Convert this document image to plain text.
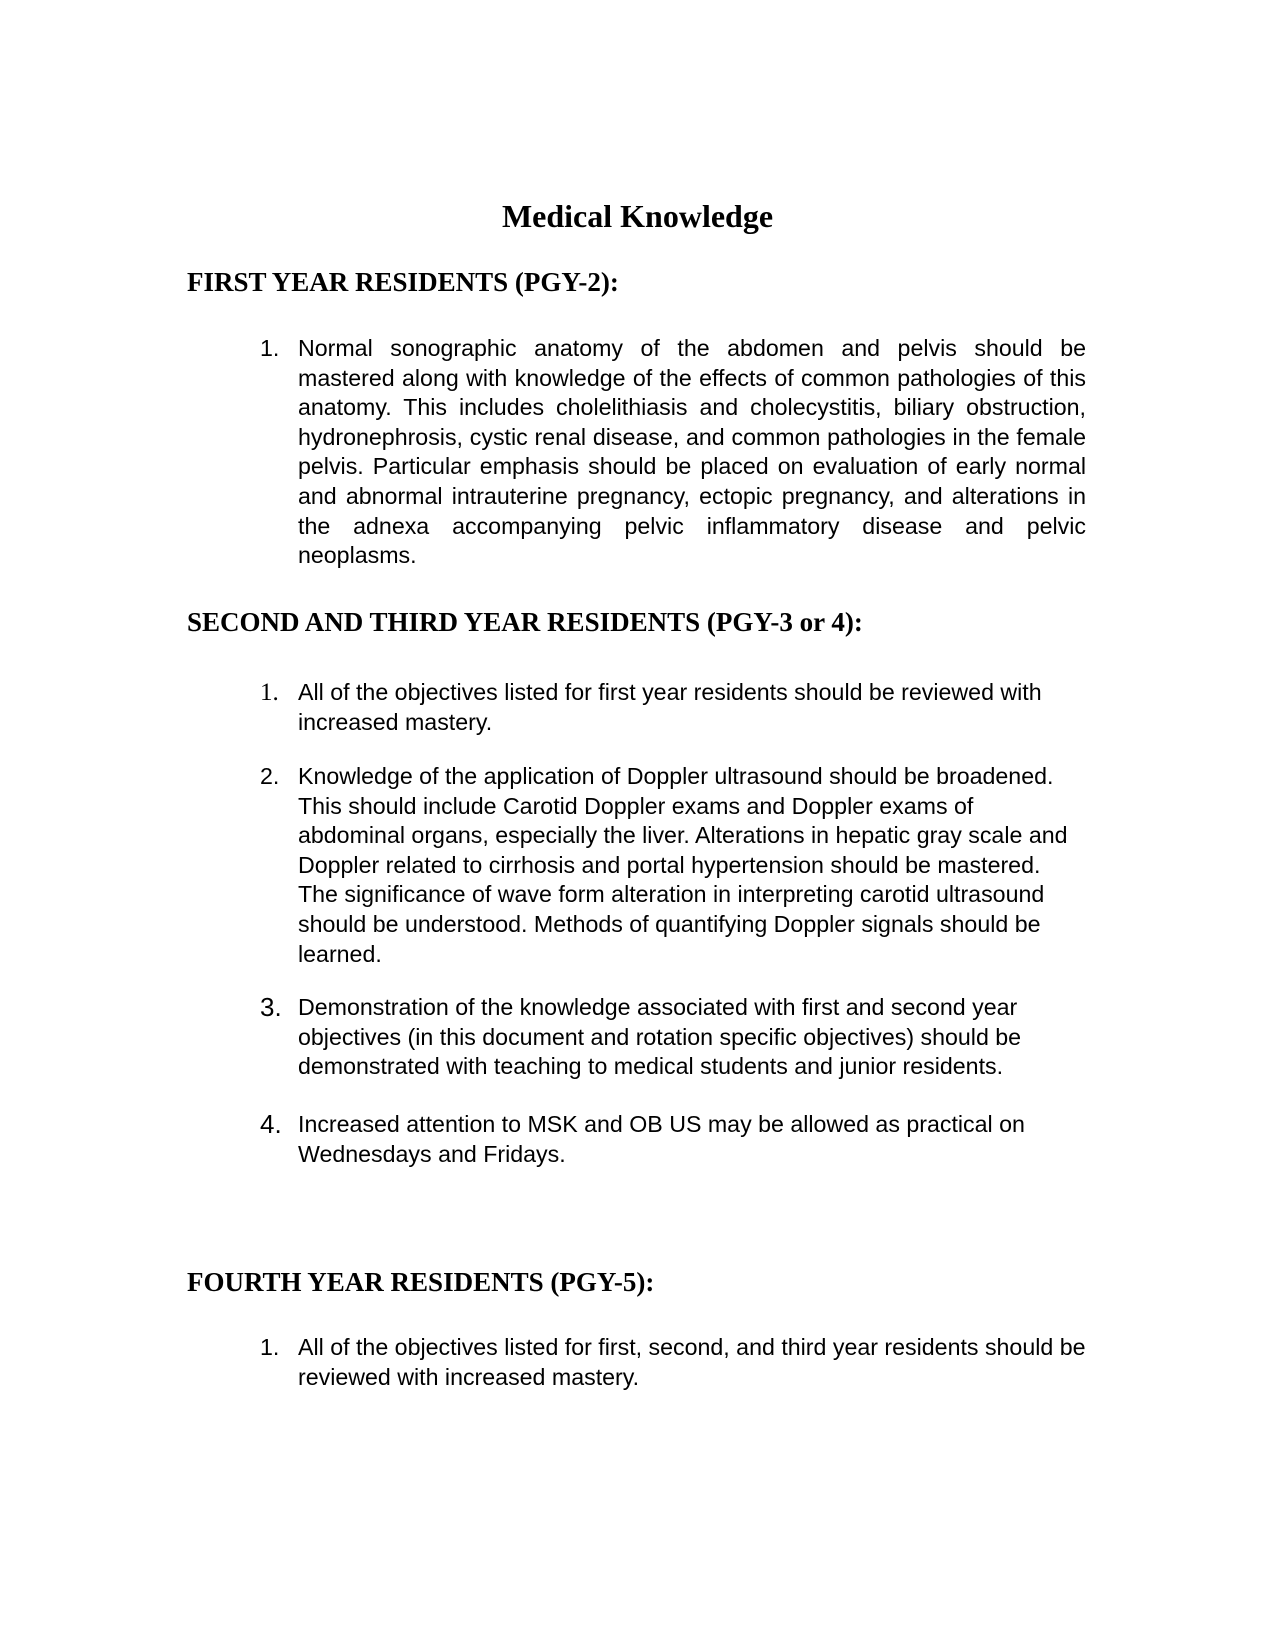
Medical Knowledge
FIRST YEAR RESIDENTS (PGY-2):
1. Normal sonographic anatomy of the abdomen and pelvis should be mastered along with knowledge of the effects of common pathologies of this anatomy. This includes cholelithiasis and cholecystitis, biliary obstruction, hydronephrosis, cystic renal disease, and common pathologies in the female pelvis. Particular emphasis should be placed on evaluation of early normal and abnormal intrauterine pregnancy, ectopic pregnancy, and alterations in the adnexa accompanying pelvic inflammatory disease and pelvic neoplasms.
SECOND AND THIRD YEAR RESIDENTS (PGY-3 or 4):
1. All of the objectives listed for first year residents should be reviewed with increased mastery.
2. Knowledge of the application of Doppler ultrasound should be broadened. This should include Carotid Doppler exams and Doppler exams of abdominal organs, especially the liver. Alterations in hepatic gray scale and Doppler related to cirrhosis and portal hypertension should be mastered. The significance of wave form alteration in interpreting carotid ultrasound should be understood. Methods of quantifying Doppler signals should be learned.
3. Demonstration of the knowledge associated with first and second year objectives (in this document and rotation specific objectives) should be demonstrated with teaching to medical students and junior residents.
4. Increased attention to MSK and OB US may be allowed as practical on Wednesdays and Fridays.
FOURTH YEAR RESIDENTS (PGY-5):
1. All of the objectives listed for first, second, and third year residents should be reviewed with increased mastery.
